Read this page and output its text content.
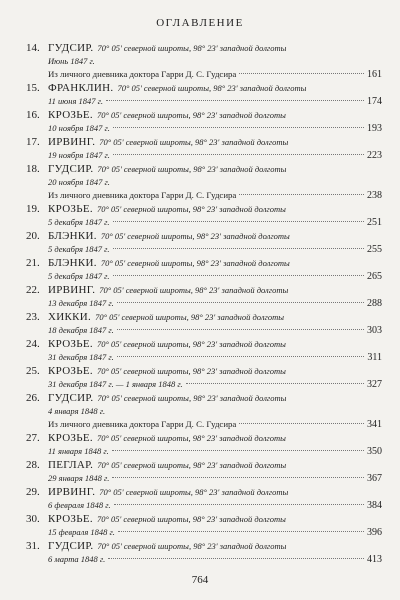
ОГЛАВЛЕНИЕ
14. ГУДСИР. 70° 05' северной широты, 98° 23' западной долготы
Июнь 1847 г.
Из личного дневника доктора Гарри Д. С. Гудсира	161
15. ФРАНКЛИН. 70° 05' северной широты, 98° 23' западной долготы
11 июня 1847 г.	174
16. КРОЗЬЕ. 70° 05' северной широты, 98° 23' западной долготы
10 ноября 1847 г.	193
17. ИРВИНГ. 70° 05' северной широты, 98° 23' западной долготы
19 ноября 1847 г.	223
18. ГУДСИР. 70° 05' северной широты, 98° 23' западной долготы
20 ноября 1847 г.
Из личного дневника доктора Гарри Д. С. Гудсира	238
19. КРОЗЬЕ. 70° 05' северной широты, 98° 23' западной долготы
5 декабря 1847 г.	251
20. БЛЭНКИ. 70° 05' северной широты, 98° 23' западной долготы
5 декабря 1847 г.	255
21. БЛЭНКИ. 70° 05' северной широты, 98° 23' западной долготы
5 декабря 1847 г.	265
22. ИРВИНГ. 70° 05' северной широты, 98° 23' западной долготы
13 декабря 1847 г.	288
23. ХИККИ. 70° 05' северной широты, 98° 23' западной долготы
18 декабря 1847 г.	303
24. КРОЗЬЕ. 70° 05' северной широты, 98° 23' западной долготы
31 декабря 1847 г.	311
25. КРОЗЬЕ. 70° 05' северной широты, 98° 23' западной долготы
31 декабря 1847 г. — 1 января 1848 г.	327
26. ГУДСИР. 70° 05' северной широты, 98° 23' западной долготы
4 января 1848 г.
Из личного дневника доктора Гарри Д. С. Гудсира	341
27. КРОЗЬЕ. 70° 05' северной широты, 98° 23' западной долготы
11 января 1848 г.	350
28. ПЕГЛАР. 70° 05' северной широты, 98° 23' западной долготы
29 января 1848 г.	367
29. ИРВИНГ. 70° 05' северной широты, 98° 23' западной долготы
6 февраля 1848 г.	384
30. КРОЗЬЕ. 70° 05' северной широты, 98° 23' западной долготы
15 февраля 1848 г.	396
31. ГУДСИР. 70° 05' северной широты, 98° 23' западной долготы
6 марта 1848 г.	413
764
